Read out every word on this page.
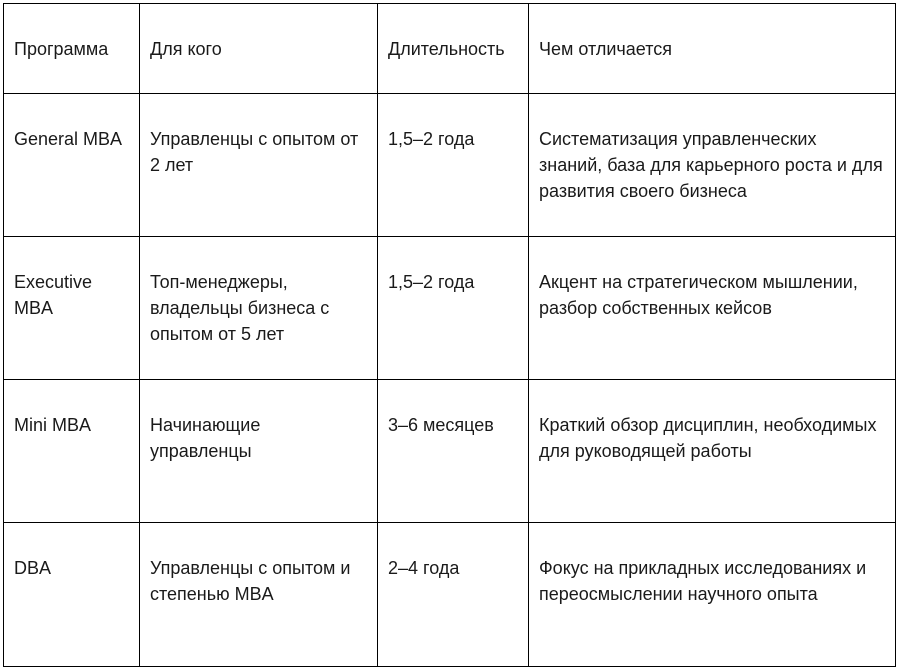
Программа	Для кого	Длительность	Чем отличается
General MBA	Управленцы с опытом от 2 лет	1,5–2 года	Систематизация управленческих знаний, база для карьерного роста и для развития своего бизнеса
Executive MBA	Топ-менеджеры, владельцы бизнеса с опытом от 5 лет	1,5–2 года	Акцент на стратегическом мышлении, разбор собственных кейсов
Mini MBA	Начинающие управленцы	3–6 месяцев	Краткий обзор дисциплин, необходимых для руководящей работы
DBA	Управленцы с опытом и степенью MBA	2–4 года	Фокус на прикладных исследованиях и переосмыслении научного опыта
